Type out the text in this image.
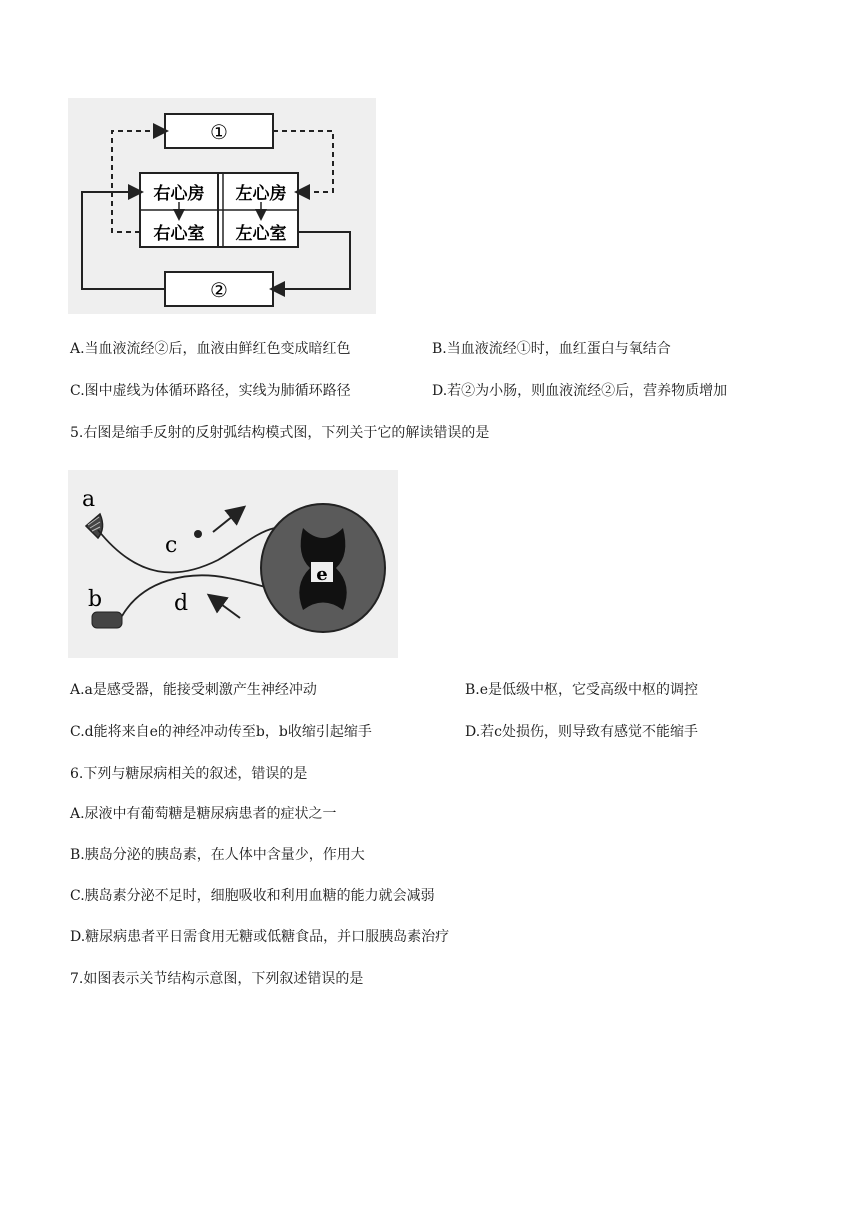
①
右心房
右心室
左心房
左心室
②
A.当血液流经②后，血液由鲜红色变成暗红色	B.当血液流经①时，血红蛋白与氧结合
C.图中虚线为体循环路径，实线为肺循环路径	D.若②为小肠，则血液流经②后，营养物质增加
5.右图是缩手反射的反射弧结构模式图，下列关于它的解读错误的是
a
b
c
d
e
A.a是感受器，能接受刺激产生神经冲动	B.e是低级中枢，它受高级中枢的调控
C.d能将来自e的神经冲动传至b，b收缩引起缩手	D.若c处损伤，则导致有感觉不能缩手
6.下列与糖尿病相关的叙述，错误的是
A.尿液中有葡萄糖是糖尿病患者的症状之一
B.胰岛分泌的胰岛素，在人体中含量少，作用大
C.胰岛素分泌不足时，细胞吸收和利用血糖的能力就会减弱
D.糖尿病患者平日需食用无糖或低糖食品，并口服胰岛素治疗
7.如图表示关节结构示意图，下列叙述错误的是
